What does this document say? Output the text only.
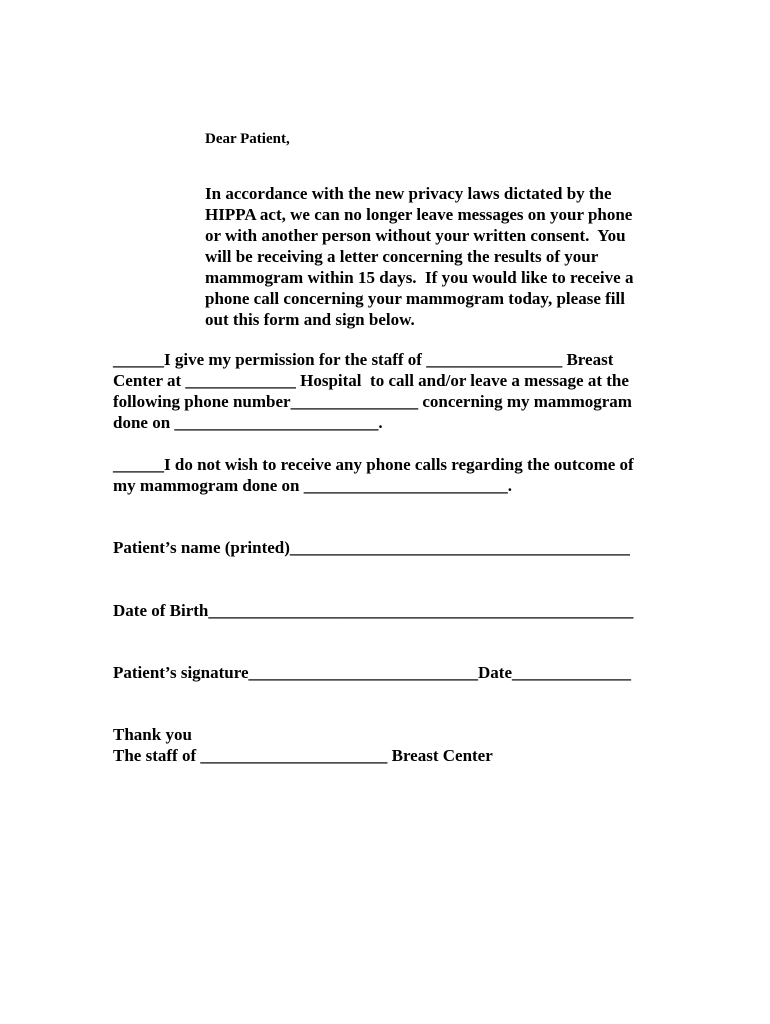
Dear Patient,
In accordance with the new privacy laws dictated by the
HIPPA act, we can no longer leave messages on your phone
or with another person without your written consent.  You
will be receiving a letter concerning the results of your
mammogram within 15 days.  If you would like to receive a
phone call concerning your mammogram today, please fill
out this form and sign below.
______I give my permission for the staff of ________________ Breast
Center at _____________ Hospital  to call and/or leave a message at the
following phone number_______________ concerning my mammogram
done on ________________________.
______I do not wish to receive any phone calls regarding the outcome of
my mammogram done on ________________________.
Patient’s name (printed)________________________________________
Date of Birth__________________________________________________
Patient’s signature___________________________Date______________
Thank you
The staff of ______________________ Breast Center
